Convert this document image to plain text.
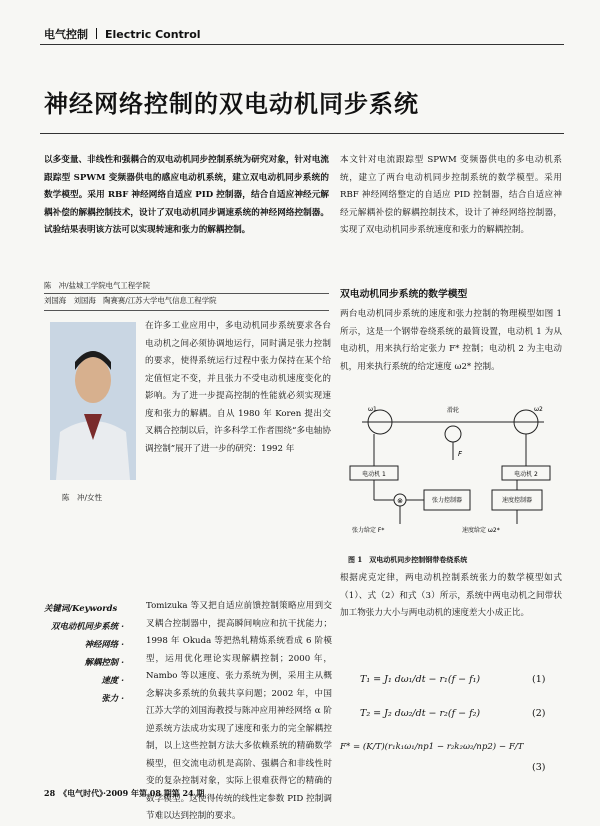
电气控制 Electric Control
神经网络控制的双电动机同步系统
以多变量、非线性和强耦合的双电动机同步控制系统为研究对象，针对电流跟踪型 SPWM 变频器供电的感应电动机系统，建立双电动机同步系统的数学模型。采用 RBF 神经网络自适应 PID 控制器，结合自适应神经元解耦补偿的解耦控制技术，设计了双电动机同步调速系统的神经网络控制器。试验结果表明该方法可以实现转速和张力的解耦控制。
本文针对电流跟踪型 SPWM 变频器供电的多电动机系统，建立了两台电动机同步控制系统的数学模型。采用 RBF 神经网络整定的自适应 PID 控制器，结合自适应神经元解耦补偿的解耦控制技术，设计了神经网络控制器，实现了双电动机同步系统速度和张力的解耦控制。
陈　冲/盐城工学院电气工程学院
刘国海　刘国海　陶赛赛/江苏大学电气信息工程学院
陈　冲/女性
在许多工业应用中，多电动机同步系统要求各台电动机之间必须协调地运行，同时满足张力控制的要求，使得系统运行过程中张力保持在某个给定值恒定不变，并且张力不受电动机速度变化的影响。为了进一步提高控制的性能就必须实现速度和张力的解耦。自从 1980 年 Koren 提出交叉耦合控制以后，许多科学工作者围绕“多电轴协调控制”展开了进一步的研究：1992 年
Tomizuka 等又把自适应前馈控制策略应用到交叉耦合控制器中，提高瞬间响应和抗干扰能力；1998 年 Okuda 等把热轧精炼系统看成 6 阶模型，运用优化理论实现解耦控制；2000 年，Nambo 等以速度、张力系统为例，采用主从概念解决多系统的负载共享问题；2002 年，中国江苏大学的刘国海教授与陈冲应用神经网络 α 阶逆系统方法成功实现了速度和张力的完全解耦控制，以上这些控制方法大多依赖系统的精确数学模型，但交流电动机是高阶、强耦合和非线性时变的复杂控制对象，实际上很难获得它的精确的数学模型。这使得传统的线性定参数 PID 控制调节难以达到控制的要求。
关键词/Keywords
双电动机同步系统 ·
神经网络 ·
解耦控制 ·
速度 ·
张力 ·
双电动机同步系统的数学模型
两台电动机同步系统的速度和张力控制的物理模型如图 1 所示，这是一个钢带卷绕系统的最简设置，电动机 1 为从电动机，用来执行给定张力 F* 控制；电动机 2 为主电动机，用来执行系统的给定速度 ω2* 控制。
滑轮
ω1	ω2
F
电动机 1	电动机 2
⊗	张力控制器	速度控制器
张力给定 F*	速度给定 ω2*
图 1　双电动机同步控制钢带卷绕系统
根据虎克定律，两电动机控制系统张力的数学模型如式（1）、式（2）和式（3）所示，系统中两电动机之间带状加工物张力大小与两电动机的速度差大小成正比。
T₁ = J₁ dω₁/dt − r₁(f − f₁)	(1)
T₂ = J₂ dω₂/dt − r₂(f − f₂)	(2)
F* = (K/T)(r₁k₁ω₁/np1 − r₂k₂ω₂/np2) − F/T
(3)
28　《电气时代》·2009 年第 08 期第 24 期
